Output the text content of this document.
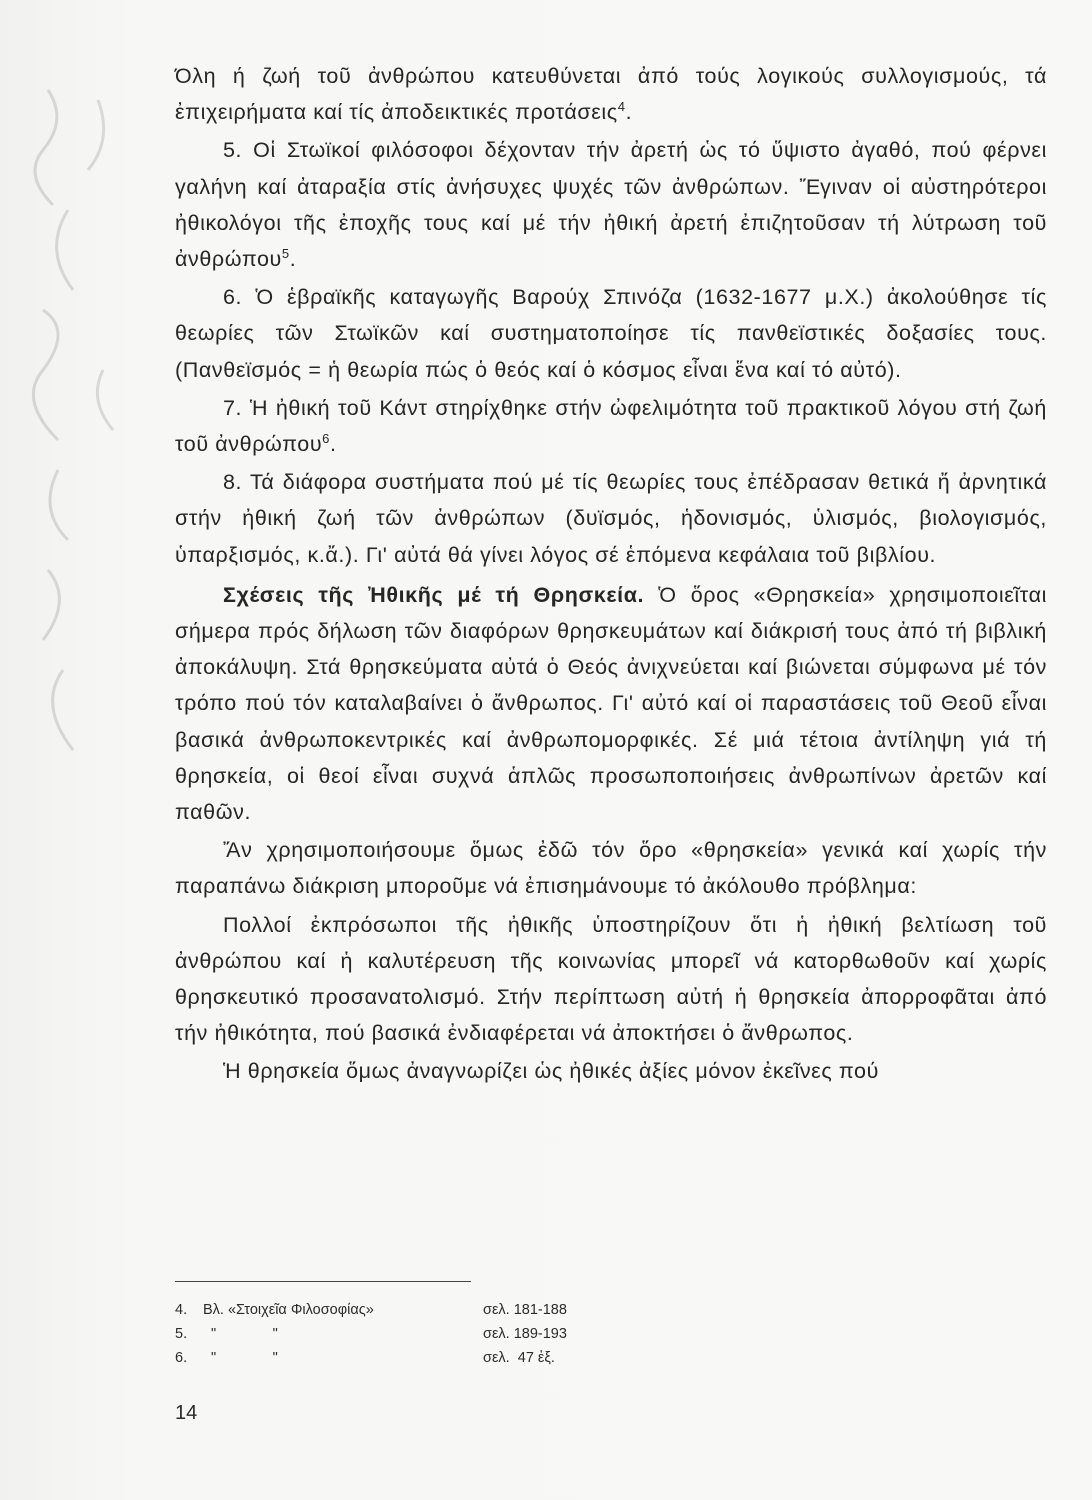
Όλη ή ζωή τοῦ ἀνθρώπου κατευθύνεται ἀπό τούς λογικούς συλλογισμούς, τά ἐπιχειρήματα καί τίς ἀποδεικτικές προτάσεις$^4$.

5. Οἱ Στωϊκοί φιλόσοφοι δέχονταν τήν ἀρετή ὡς τό ὕψιστο ἀγαθό, πού φέρνει γαλήνη καί ἀταραξία στίς ἀνήσυχες ψυχές τῶν ἀνθρώπων. Ἔγιναν οἱ αὐστηρότεροι ἠθικολόγοι τῆς ἐποχῆς τους καί μέ τήν ἠθική ἀρετή ἐπιζητοῦσαν τή λύτρωση τοῦ ἀνθρώπου$^5$.

6. Ὁ ἑβραϊκῆς καταγωγῆς Βαρούχ Σπινόζα (1632-1677 μ.Χ.) ἀκολούθησε τίς θεωρίες τῶν Στωϊκῶν καί συστηματοποίησε τίς πανθεϊστικές δοξασίες τους. (Πανθεϊσμός = ἡ θεωρία πώς ὁ θεός καί ὁ κόσμος εἶναι ἕνα καί τό αὐτό).

7. Ἡ ἠθική τοῦ Κάντ στηρίχθηκε στήν ὠφελιμότητα τοῦ πρακτικοῦ λόγου στή ζωή τοῦ ἀνθρώπου$^6$.

8. Τά διάφορα συστήματα πού μέ τίς θεωρίες τους ἐπέδρασαν θετικά ἤ ἀρνητικά στήν ἠθική ζωή τῶν ἀνθρώπων (δυϊσμός, ἡδονισμός, ὑλισμός, βιολογισμός, ὑπαρξισμός, κ.ἄ.). Γι' αὐτά θά γίνει λόγος σέ ἑπόμενα κεφάλαια τοῦ βιβλίου.

Σχέσεις τῆς Ἠθικῆς μέ τή Θρησκεία. Ὁ ὅρος «Θρησκεία» χρησιμοποιεῖται σήμερα πρός δήλωση τῶν διαφόρων θρησκευμάτων καί διάκρισή τους ἀπό τή βιβλική ἀποκάλυψη. Στά θρησκεύματα αὐτά ὁ Θεός ἀνιχνεύεται καί βιώνεται σύμφωνα μέ τόν τρόπο πού τόν καταλαβαίνει ὁ ἄνθρωπος. Γι' αὐτό καί οἱ παραστάσεις τοῦ Θεοῦ εἶναι βασικά ἀνθρωποκεντρικές καί ἀνθρωπομορφικές. Σέ μιά τέτοια ἀντίληψη γιά τή θρησκεία, οἱ θεοί εἶναι συχνά ἁπλῶς προσωποποιήσεις ἀνθρωπίνων ἀρετῶν καί παθῶν.

Ἄν χρησιμοποιήσουμε ὅμως ἐδῶ τόν ὅρο «θρησκεία» γενικά καί χωρίς τήν παραπάνω διάκριση μποροῦμε νά ἐπισημάνουμε τό ἀκόλουθο πρόβλημα:

Πολλοί ἐκπρόσωποι τῆς ἠθικῆς ὑποστηρίζουν ὅτι ἡ ἠθική βελτίωση τοῦ ἀνθρώπου καί ἡ καλυτέρευση τῆς κοινωνίας μπορεῖ νά κατορθωθοῦν καί χωρίς θρησκευτικό προσανατολισμό. Στήν περίπτωση αὐτή ἡ θρησκεία ἀπορροφᾶται ἀπό τήν ἠθικότητα, πού βασικά ἐνδιαφέρεται νά ἀποκτήσει ὁ ἄνθρωπος.

Ἡ θρησκεία ὅμως ἀναγνωρίζει ὡς ἠθικές ἀξίες μόνον ἐκεῖνες πού

4. Βλ. «Στοιχεῖα Φιλοσοφίας»	σελ. 181-188
5. "              "	σελ. 189-193
6. "              "	σελ.  47 ἑξ.
14
